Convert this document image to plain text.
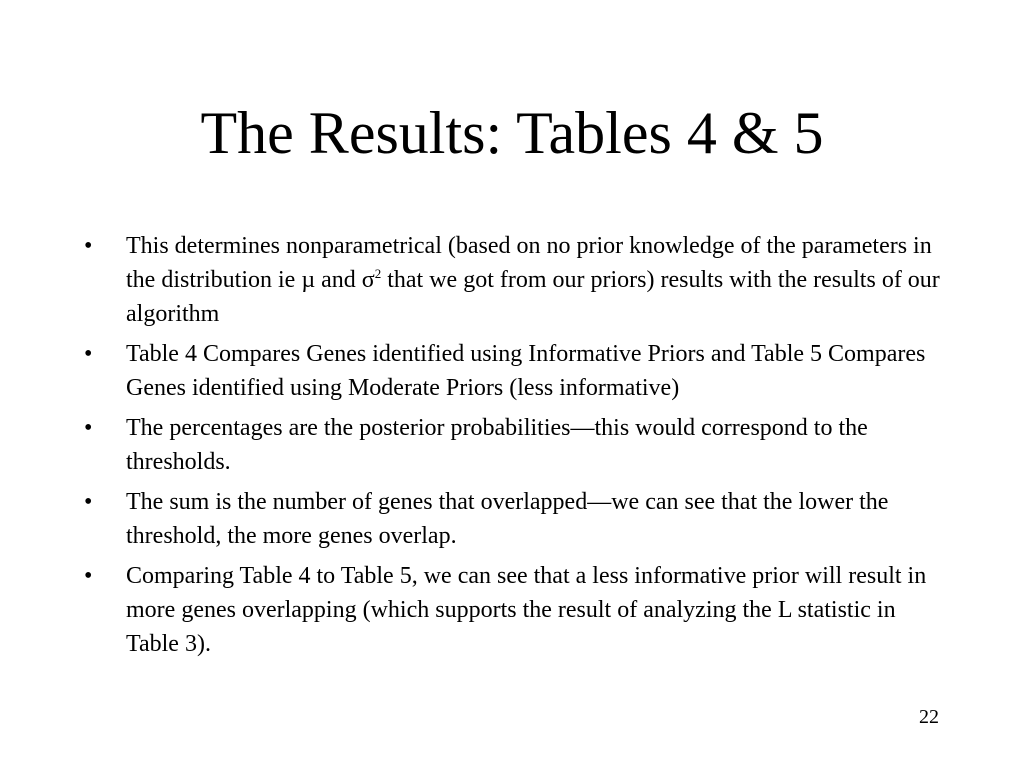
The Results: Tables 4 & 5
•	This determines nonparametrical (based on no prior knowledge of the parameters in the distribution ie µ and $\sigma^2$ that we got from our priors) results with the results of our algorithm
•	Table 4 Compares Genes identified using Informative Priors and Table 5 Compares Genes identified using Moderate Priors (less informative)
•	The percentages are the posterior probabilities—this would correspond to the thresholds.
•	The sum is the number of genes that overlapped—we can see that the lower the threshold, the more genes overlap.
•	Comparing Table 4 to Table 5, we can see that a less informative prior will result in more genes overlapping (which supports the result of analyzing the L statistic in Table 3).
22
